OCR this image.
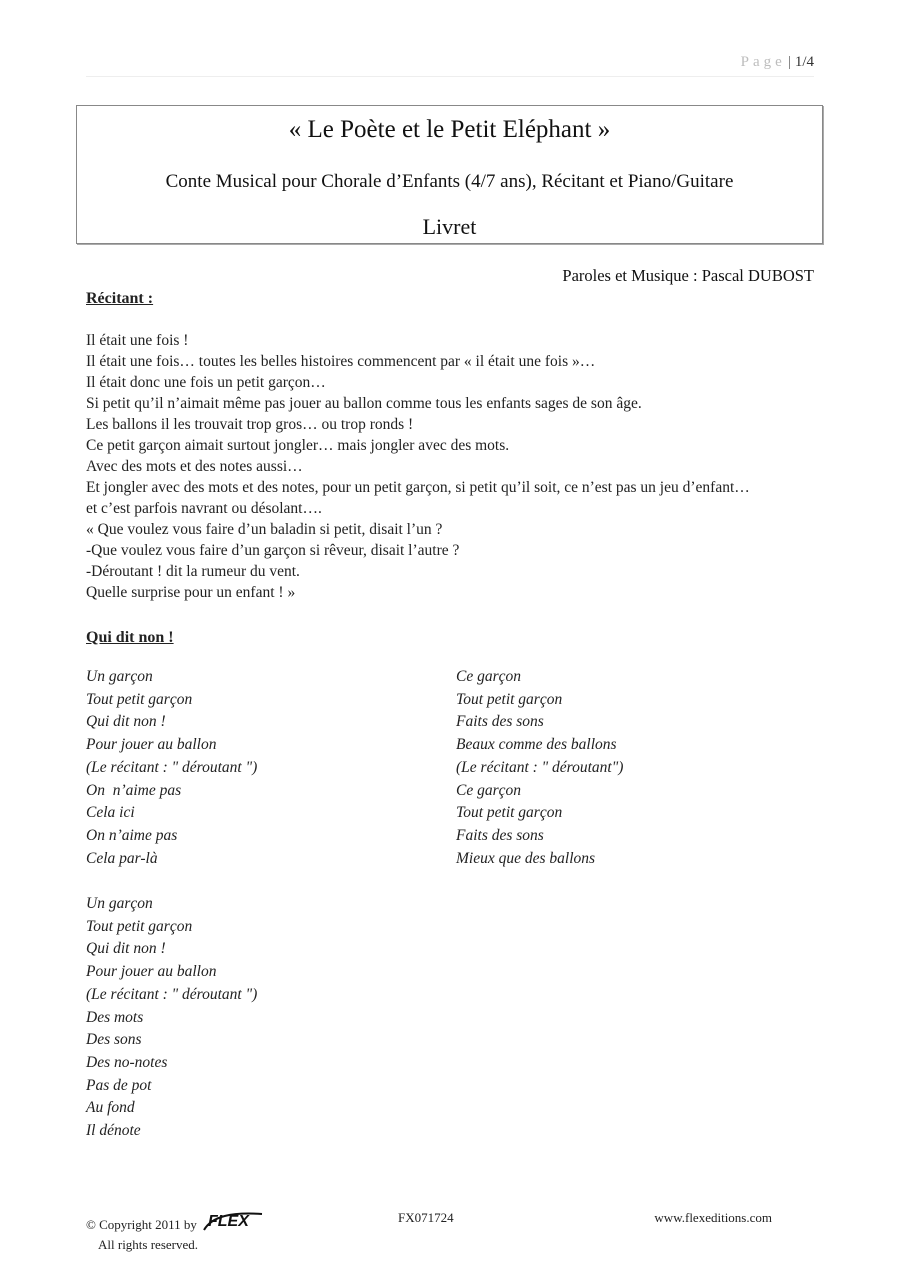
Page | 1/4
« Le Poète et le Petit Eléphant »
Conte Musical pour Chorale d’Enfants (4/7 ans), Récitant et Piano/Guitare
Livret
Paroles et Musique : Pascal DUBOST
Récitant :
Il était une fois !
Il était une fois… toutes les belles histoires commencent par « il était une fois »…
Il était donc une fois un petit garçon…
Si petit qu’il n’aimait même pas jouer au ballon comme tous les enfants sages de son âge.
Les ballons il les trouvait trop gros… ou trop ronds !
Ce petit garçon aimait surtout jongler… mais jongler avec des mots.
Avec des mots et des notes aussi…
Et jongler avec des mots et des notes, pour un petit garçon, si petit qu’il soit, ce n’est pas un jeu d’enfant…
et c’est parfois navrant ou désolant….
« Que voulez vous faire d’un baladin si petit, disait l’un ?
-Que voulez vous faire d’un garçon si rêveur, disait l’autre ?
-Déroutant ! dit la rumeur du vent.
Quelle surprise pour un enfant ! »
Qui dit non !
Un garçon
Tout petit garçon
Qui dit non !
Pour jouer au ballon
(Le récitant : " déroutant ")
On  n’aime pas
Cela ici
On n’aime pas
Cela par-là

Un garçon
Tout petit garçon
Qui dit non !
Pour jouer au ballon
(Le récitant : " déroutant ")
Des mots
Des sons
Des no-notes
Pas de pot
Au fond
Il dénote
Ce garçon
Tout petit garçon
Faits des sons
Beaux comme des ballons
(Le récitant : " déroutant")
Ce garçon
Tout petit garçon
Faits des sons
Mieux que des ballons
© Copyright 2011 by FLEX
All rights reserved.
FX071724	www.flexeditions.com
